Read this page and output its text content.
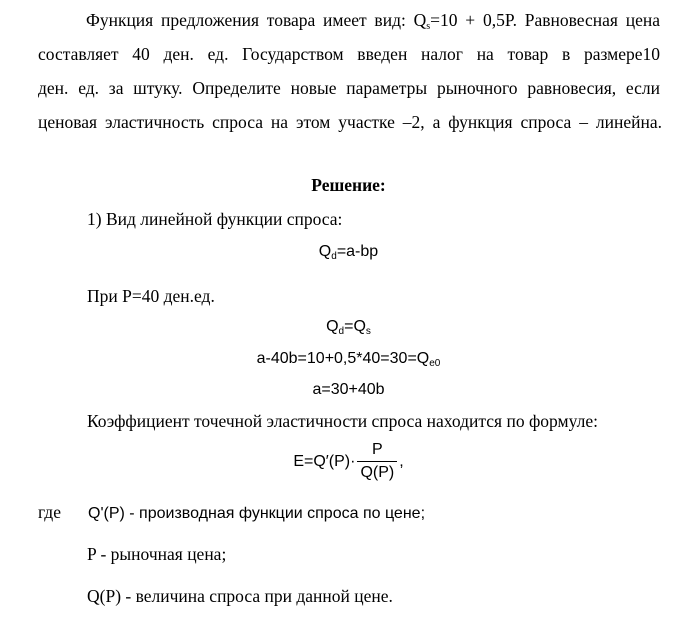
Функция предложения товара имеет вид: $Q_s=10 + 0,5P$. Равновесная цена
составляет 40 ден. ед. Государством введен налог на товар в размере10
ден. ед. за штуку. Определите новые параметры рыночного равновесия, если
ценовая эластичность спроса на этом участке –2, а функция спроса – линейна.
Решение:
1) Вид линейной функции спроса:
$Q_d=a-bp$
При P=40 ден.ед.
$Q_d=Q_s$
$a-40b=10+0,5*40=30=Q_{e0}$
a=30+40b
Коэффициент точечной эластичности спроса находится по формуле:
$E=Q'(P)\cdot \frac{P}{Q(P)}$ ,
где Q'(P) - производная функции спроса по цене;
P - рыночная цена;
Q(P) - величина спроса при данной цене.
